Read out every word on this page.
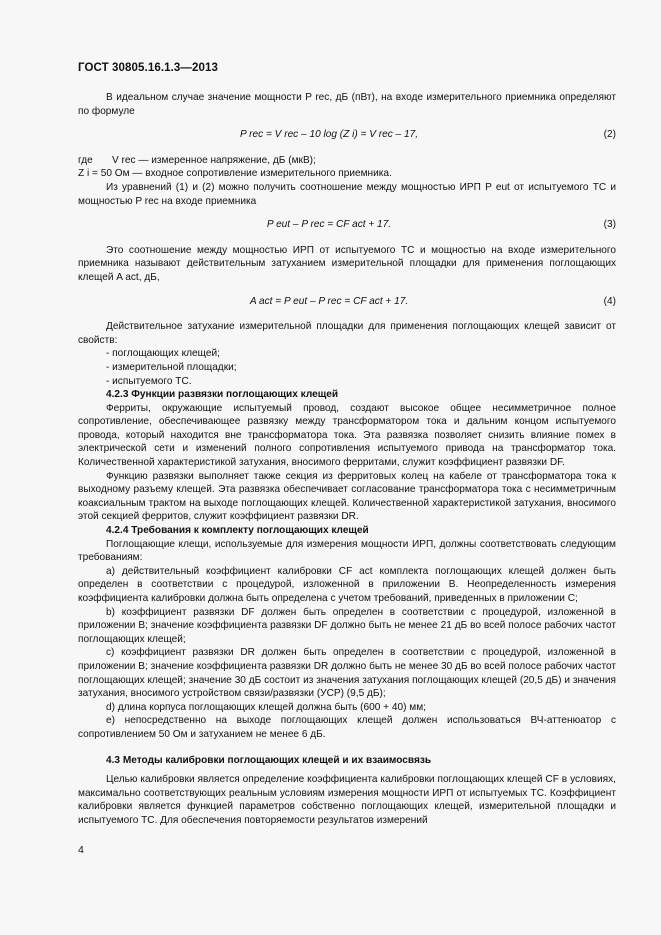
ГОСТ 30805.16.1.3—2013

В идеальном случае значение мощности P rec, дБ (пВт), на входе измерительного приемника определяют по формуле

P rec = V rec – 10 log (Z i) = V rec – 17,	(2)
где	V rec — измеренное напряжение, дБ (мкВ);

Z i = 50 Ом — входное сопротивление измерительного приемника.

Из уравнений (1) и (2) можно получить соотношение между мощностью ИРП P eut от испытуемого ТС и мощностью P rec на входе приемника

P eut – P rec = CF act + 17.	(3)

Это соотношение между мощностью ИРП от испытуемого ТС и мощностью на входе измерительного приемника называют действительным затуханием измерительной площадки для применения поглощающих клещей A act, дБ,

A act = P eut – P rec = CF act + 17.	(4)

Действительное затухание измерительной площадки для применения поглощающих клещей зависит от свойств:

- поглощающих клещей;

- измерительной площадки;

- испытуемого ТС.

4.2.3 Функции развязки поглощающих клещей

Ферриты, окружающие испытуемый провод, создают высокое общее несимметричное полное сопротивление, обеспечивающее развязку между трансформатором тока и дальним концом испытуемого провода, который находится вне трансформатора тока. Эта развязка позволяет снизить влияние помех в электрической сети и изменений полного сопротивления испытуемого привода на трансформатор тока. Количественной характеристикой затухания, вносимого ферритами, служит коэффициент развязки DF.

Функцию развязки выполняет также секция из ферритовых колец на кабеле от трансформатора тока к выходному разъему клещей. Эта развязка обеспечивает согласование трансформатора тока с несимметричным коаксиальным трактом на выходе поглощающих клещей. Количественной характеристикой затухания, вносимого этой секцией ферритов, служит коэффициент развязки DR.

4.2.4 Требования к комплекту поглощающих клещей

Поглощающие клещи, используемые для измерения мощности ИРП, должны соответствовать следующим требованиям:

а) действительный коэффициент калибровки CF act комплекта поглощающих клещей должен быть определен в соответствии с процедурой, изложенной в приложении В. Неопределенность измерения коэффициента калибровки должна быть определена с учетом требований, приведенных в приложении С;

b) коэффициент развязки DF должен быть определен в соответствии с процедурой, изложенной в приложении В; значение коэффициента развязки DF должно быть не менее 21 дБ во всей полосе рабочих частот поглощающих клещей;

с) коэффициент развязки DR должен быть определен в соответствии с процедурой, изложенной в приложении В; значение коэффициента развязки DR должно быть не менее 30 дБ во всей полосе рабочих частот поглощающих клещей; значение 30 дБ состоит из значения затухания поглощающих клещей (20,5 дБ) и значения затухания, вносимого устройством связи/развязки (УСР) (9,5 дБ);

d) длина корпуса поглощающих клещей должна быть (600 + 40) мм;

е) непосредственно на выходе поглощающих клещей должен использоваться ВЧ-аттенюатор с сопротивлением 50 Ом и затуханием не менее 6 дБ.

4.3 Методы калибровки поглощающих клещей и их взаимосвязь

Целью калибровки является определение коэффициента калибровки поглощающих клещей CF в условиях, максимально соответствующих реальным условиям измерения мощности ИРП от испытуемых ТС. Коэффициент калибровки является функцией параметров собственно поглощающих клещей, измерительной площадки и испытуемого ТС. Для обеспечения повторяемости результатов измерений

4
